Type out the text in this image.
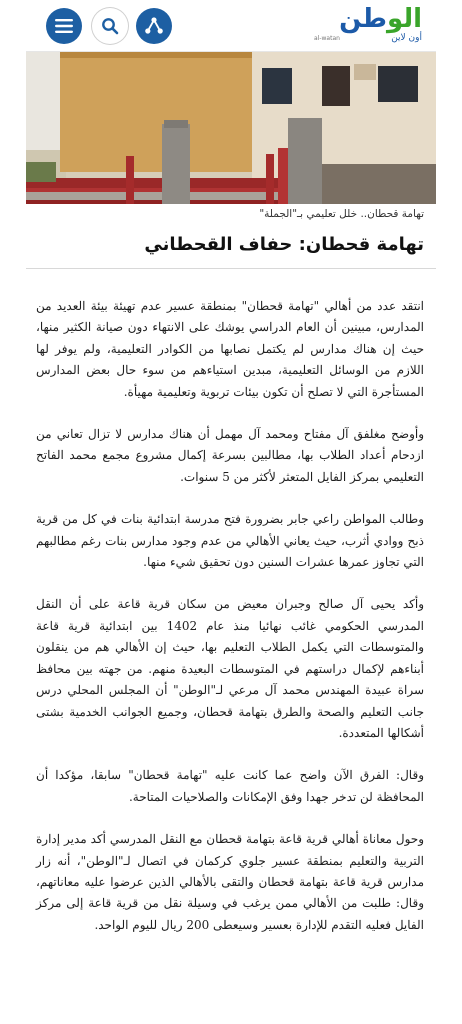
الوطن
أون لاين
al-watan
تهامة قحطان.. خلل تعليمي بـ"الجملة"
تهامة قحطان: حفاف القحطاني

انتقد عدد من أهالي "تهامة قحطان" بمنطقة عسير عدم تهيئة بيئة العديد من المدارس، مبينين أن العام الدراسي يوشك على الانتهاء دون صيانة الكثير منها، حيث إن هناك مدارس لم يكتمل نصابها من الكوادر التعليمية، ولم يوفر لها اللازم من الوسائل التعليمية، مبدين استياءهم من سوء حال بعض المدارس المستأجرة التي لا تصلح أن تكون بيئات تربوية وتعليمية مهيأة.

وأوضح مغلفق آل مفتاح ومحمد آل مهمل أن هناك مدارس لا تزال تعاني من ازدحام أعداد الطلاب بها، مطالبين بسرعة إكمال مشروع مجمع محمد الفاتح التعليمي بمركز الفايل المتعثر لأكثر من 5 سنوات.

وطالب المواطن راعي جابر بضرورة فتح مدرسة ابتدائية بنات في كل من قرية ذبح ووادي أثرب، حيث يعاني الأهالي من عدم وجود مدارس بنات رغم مطالبهم التي تجاوز عمرها عشرات السنين دون تحقيق شيء منها.

وأكد يحيى آل صالح وجبران معيض من سكان قرية قاعة على أن النقل المدرسي الحكومي غائب نهائيا منذ عام 1402 بين ابتدائية قرية قاعة والمتوسطات التي يكمل الطلاب التعليم بها، حيث إن الأهالي هم من ينقلون أبناءهم لإكمال دراستهم في المتوسطات البعيدة منهم. من جهته بين محافظ سراة عبيدة المهندس محمد آل مرعي لـ"الوطن" أن المجلس المحلي درس جانب التعليم والصحة والطرق بتهامة قحطان، وجميع الجوانب الخدمية بشتى أشكالها المتعددة.

وقال: الفرق الآن واضح عما كانت عليه "تهامة قحطان" سابقا، مؤكدا أن المحافظة لن تدخر جهدا وفق الإمكانات والصلاحيات المتاحة.

وحول معاناة أهالي قرية قاعة بتهامة قحطان مع النقل المدرسي أكد مدير إدارة التربية والتعليم بمنطقة عسير جلوي كركمان في اتصال لـ"الوطن"، أنه زار مدارس قرية قاعة بتهامة قحطان والتقى بالأهالي الذين عرضوا عليه معاناتهم، وقال: طلبت من الأهالي ممن يرغب في وسيلة نقل من قرية قاعة إلى مركز الفايل فعليه التقدم للإدارة بعسير وسيعطى 200 ريال لليوم الواحد.
